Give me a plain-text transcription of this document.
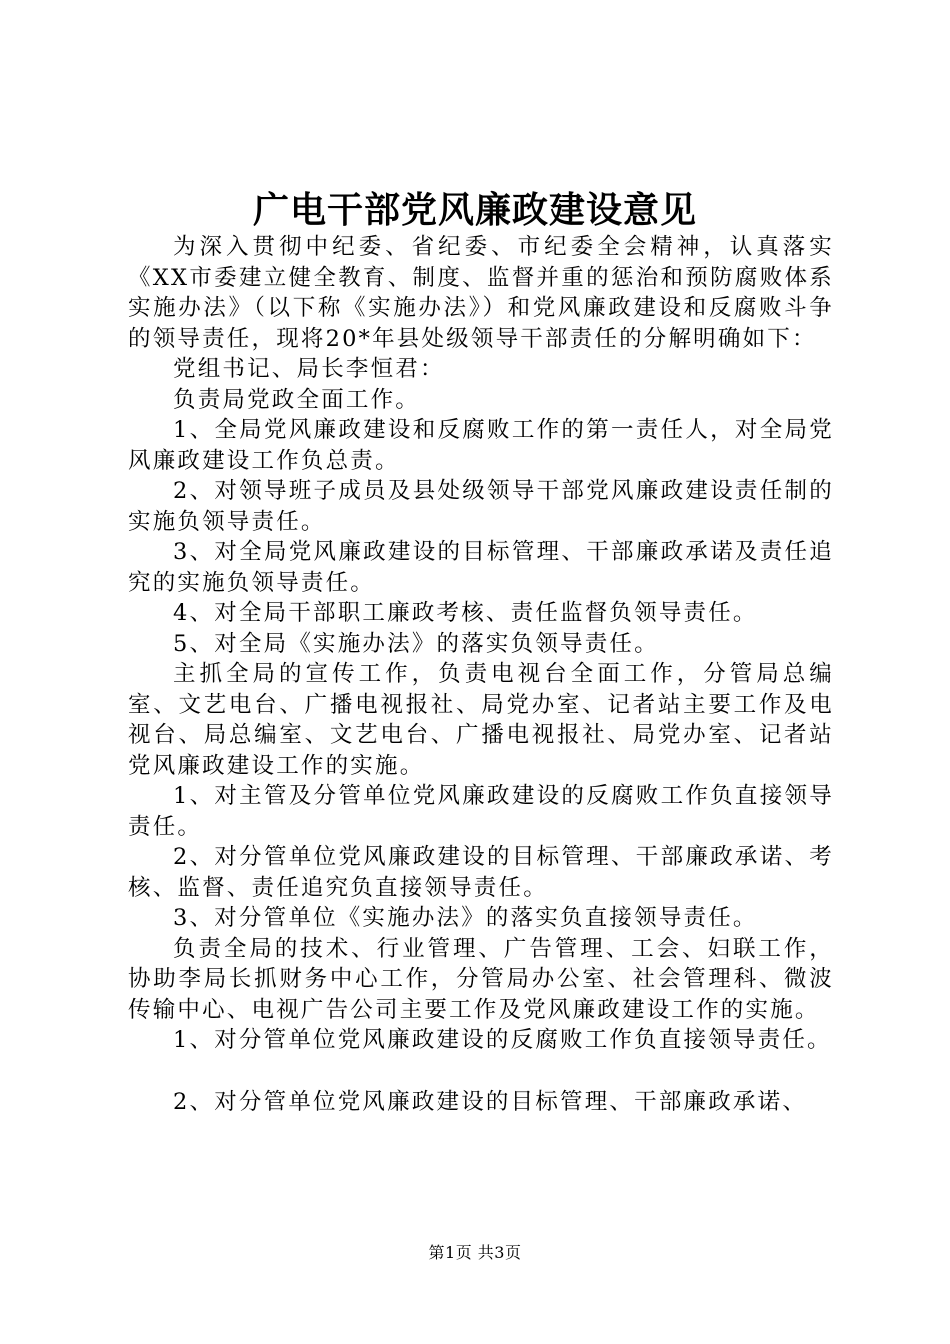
广电干部党风廉政建设意见

为深入贯彻中纪委、省纪委、市纪委全会精神，认真落实《XX市委建立健全教育、制度、监督并重的惩治和预防腐败体系实施办法》（以下称《实施办法》）和党风廉政建设和反腐败斗争的领导责任，现将20*年县处级领导干部责任的分解明确如下：

党组书记、局长李恒君：

负责局党政全面工作。

1、全局党风廉政建设和反腐败工作的第一责任人，对全局党风廉政建设工作负总责。

2、对领导班子成员及县处级领导干部党风廉政建设责任制的实施负领导责任。

3、对全局党风廉政建设的目标管理、干部廉政承诺及责任追究的实施负领导责任。

4、对全局干部职工廉政考核、责任监督负领导责任。

5、对全局《实施办法》的落实负领导责任。

主抓全局的宣传工作，负责电视台全面工作，分管局总编室、文艺电台、广播电视报社、局党办室、记者站主要工作及电视台、局总编室、文艺电台、广播电视报社、局党办室、记者站党风廉政建设工作的实施。

1、对主管及分管单位党风廉政建设的反腐败工作负直接领导责任。

2、对分管单位党风廉政建设的目标管理、干部廉政承诺、考核、监督、责任追究负直接领导责任。

3、对分管单位《实施办法》的落实负直接领导责任。

负责全局的技术、行业管理、广告管理、工会、妇联工作，协助李局长抓财务中心工作，分管局办公室、社会管理科、微波传输中心、电视广告公司主要工作及党风廉政建设工作的实施。

1、对分管单位党风廉政建设的反腐败工作负直接领导责任。

2、对分管单位党风廉政建设的目标管理、干部廉政承诺、

第1页 共3页
